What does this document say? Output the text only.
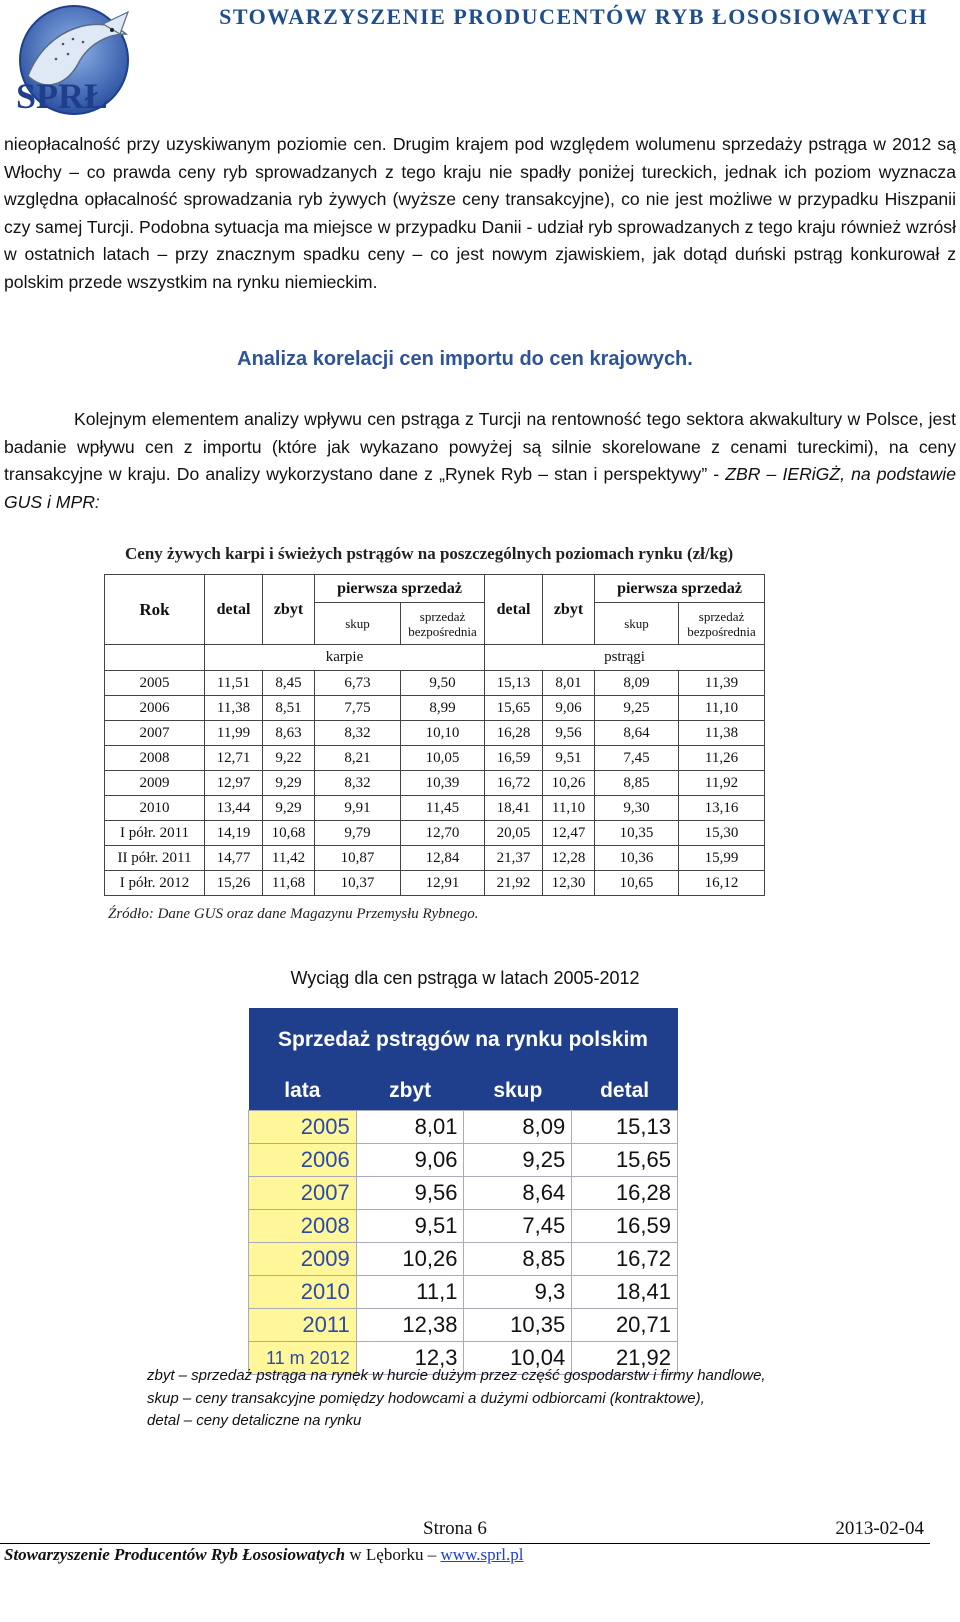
SPRŁ
STOWARZYSZENIE PRODUCENTÓW RYB ŁOSOSIOWATYCH

nieopłacalność przy uzyskiwanym poziomie cen. Drugim krajem pod względem wolumenu sprzedaży pstrąga w 2012 są Włochy – co prawda ceny ryb sprowadzanych z tego kraju nie spadły poniżej tureckich, jednak ich poziom wyznacza względna opłacalność sprowadzania ryb żywych (wyższe ceny transakcyjne), co nie jest możliwe w przypadku Hiszpanii czy samej Turcji. Podobna sytuacja ma miejsce w przypadku Danii - udział ryb sprowadzanych z tego kraju również wzrósł w ostatnich latach – przy znacznym spadku ceny – co jest nowym zjawiskiem, jak dotąd duński pstrąg konkurował z polskim przede wszystkim na rynku niemieckim.

Analiza korelacji cen importu do cen krajowych.

Kolejnym elementem analizy wpływu cen pstrąga z Turcji na rentowność tego sektora akwakultury w Polsce, jest badanie wpływu cen z importu (które jak wykazano powyżej są silnie skorelowane z cenami tureckimi), na ceny transakcyjne w kraju. Do analizy wykorzystano dane z „Rynek Ryb – stan i perspektywy” - ZBR – IERiGŻ, na podstawie GUS i MPR:

Ceny żywych karpi i świeżych pstrągów na poszczególnych poziomach rynku (zł/kg)
Rok	detal	zbyt	pierwsza sprzedaż		detal	zbyt	pierwsza sprzedaż	
			skup	sprzedaż bezpośrednia			skup	sprzedaż bezpośrednia
	karpie				pstrągi			
2005	11,51	8,45	6,73	9,50	15,13	8,01	8,09	11,39
2006	11,38	8,51	7,75	8,99	15,65	9,06	9,25	11,10
2007	11,99	8,63	8,32	10,10	16,28	9,56	8,64	11,38
2008	12,71	9,22	8,21	10,05	16,59	9,51	7,45	11,26
2009	12,97	9,29	8,32	10,39	16,72	10,26	8,85	11,92
2010	13,44	9,29	9,91	11,45	18,41	11,10	9,30	13,16
I półr. 2011	14,19	10,68	9,79	12,70	20,05	12,47	10,35	15,30
II półr. 2011	14,77	11,42	10,87	12,84	21,37	12,28	10,36	15,99
I półr. 2012	15,26	11,68	10,37	12,91	21,92	12,30	10,65	16,12
Źródło: Dane GUS oraz dane Magazynu Przemysłu Rybnego.
Wyciąg dla cen pstrąga w latach 2005-2012
Sprzedaż pstrągów na rynku polskim			
lata	zbyt	skup	detal
2005	8,01	8,09	15,13
2006	9,06	9,25	15,65
2007	9,56	8,64	16,28
2008	9,51	7,45	16,59
2009	10,26	8,85	16,72
2010	11,1	9,3	18,41
2011	12,38	10,35	20,71
11 m 2012	12,3	10,04	21,92
zbyt – sprzedaż pstrąga na rynek w hurcie dużym przez część gospodarstw i firmy handlowe,
skup – ceny transakcyjne pomiędzy hodowcami a dużymi odbiorcami (kontraktowe),
detal – ceny detaliczne na rynku
Strona 6	2013-02-04
Stowarzyszenie Producentów Ryb Łososiowatych w Lęborku – www.sprl.pl
